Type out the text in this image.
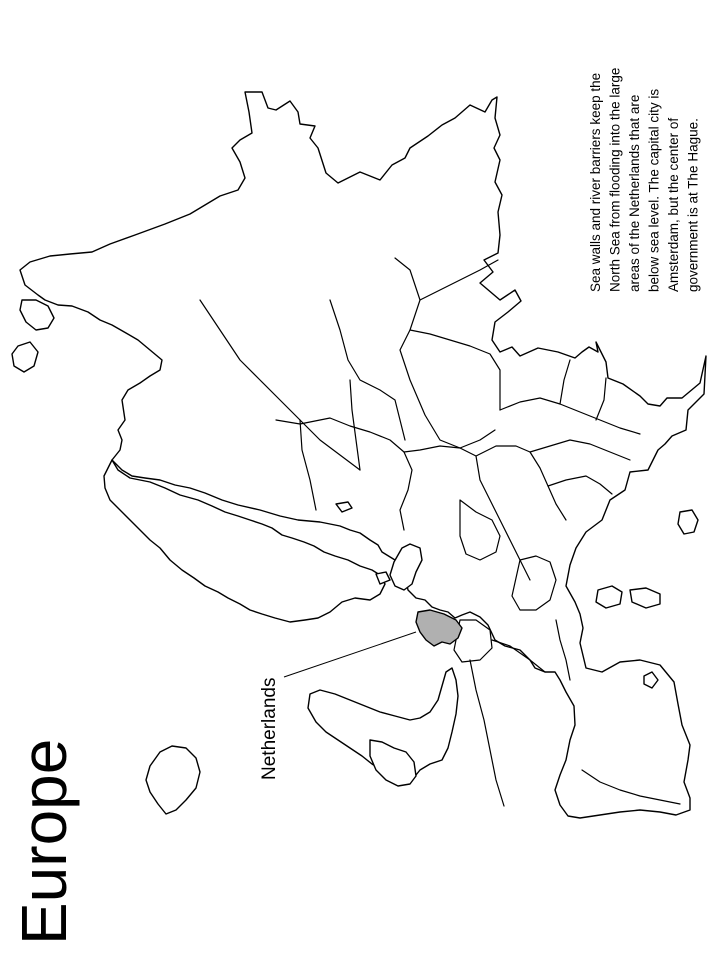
Europe
Sea walls and river barriers keep the North Sea from flooding into the large areas of the Netherlands that are below sea level. The capital city is Amsterdam, but the center of government is at The Hague.
Netherlands
